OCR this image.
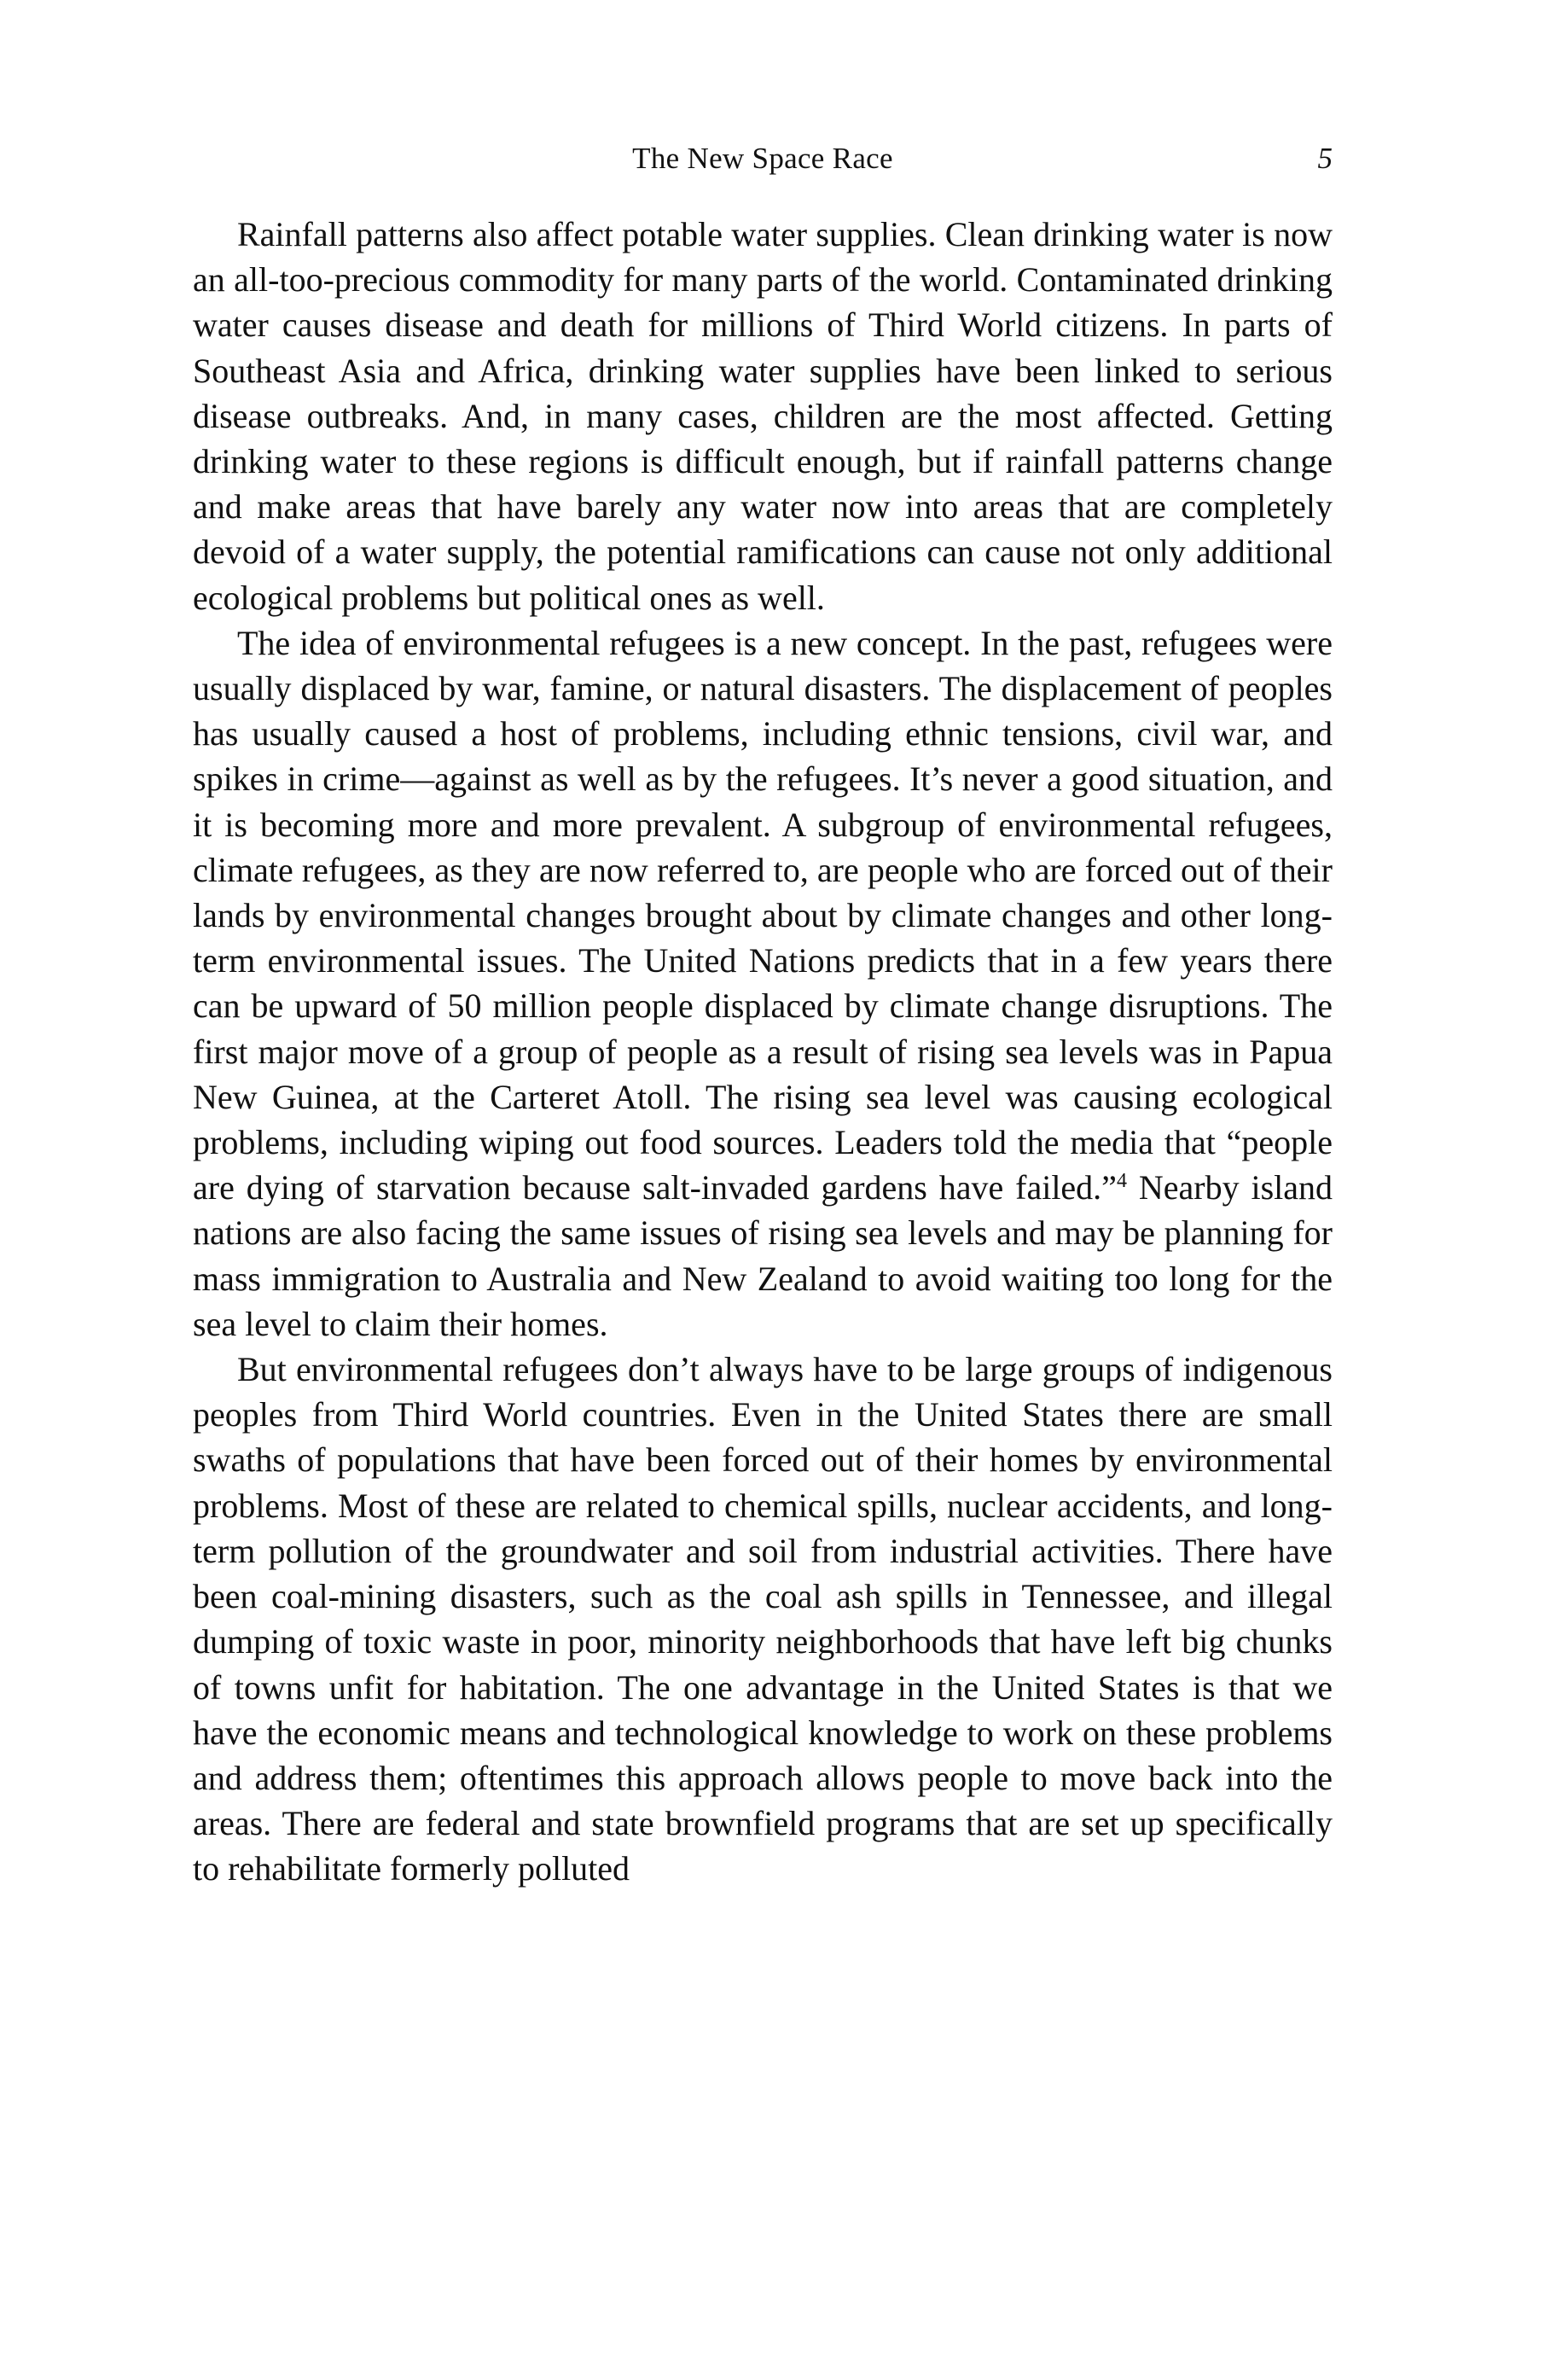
The New Space Race	5

Rainfall patterns also affect potable water supplies. Clean drinking water is now an all-too-precious commodity for many parts of the world. Contaminated drinking water causes disease and death for millions of Third World citizens. In parts of Southeast Asia and Africa, drinking water supplies have been linked to serious disease outbreaks. And, in many cases, children are the most affected. Getting drinking water to these regions is difficult enough, but if rainfall patterns change and make areas that have barely any water now into areas that are completely devoid of a water supply, the potential ramifications can cause not only additional ecological problems but political ones as well.

The idea of environmental refugees is a new concept. In the past, refugees were usually displaced by war, famine, or natural disasters. The displacement of peoples has usually caused a host of problems, including ethnic tensions, civil war, and spikes in crime—against as well as by the refugees. It’s never a good situation, and it is becoming more and more prevalent. A subgroup of environmental refugees, climate refugees, as they are now referred to, are people who are forced out of their lands by environmental changes brought about by climate changes and other long-term environmental issues. The United Nations predicts that in a few years there can be upward of 50 million people displaced by climate change disruptions. The first major move of a group of people as a result of rising sea levels was in Papua New Guinea, at the Carteret Atoll. The rising sea level was causing ecological problems, including wiping out food sources. Leaders told the media that “people are dying of starvation because salt-invaded gardens have failed.”$^4$ Nearby island nations are also facing the same issues of rising sea levels and may be planning for mass immigration to Australia and New Zealand to avoid waiting too long for the sea level to claim their homes.

But environmental refugees don’t always have to be large groups of indigenous peoples from Third World countries. Even in the United States there are small swaths of populations that have been forced out of their homes by environmental problems. Most of these are related to chemical spills, nuclear accidents, and long-term pollution of the groundwater and soil from industrial activities. There have been coal-mining disasters, such as the coal ash spills in Tennessee, and illegal dumping of toxic waste in poor, minority neighborhoods that have left big chunks of towns unfit for habitation. The one advantage in the United States is that we have the economic means and technological knowledge to work on these problems and address them; oftentimes this approach allows people to move back into the areas. There are federal and state brownfield programs that are set up specifically to rehabilitate formerly polluted
